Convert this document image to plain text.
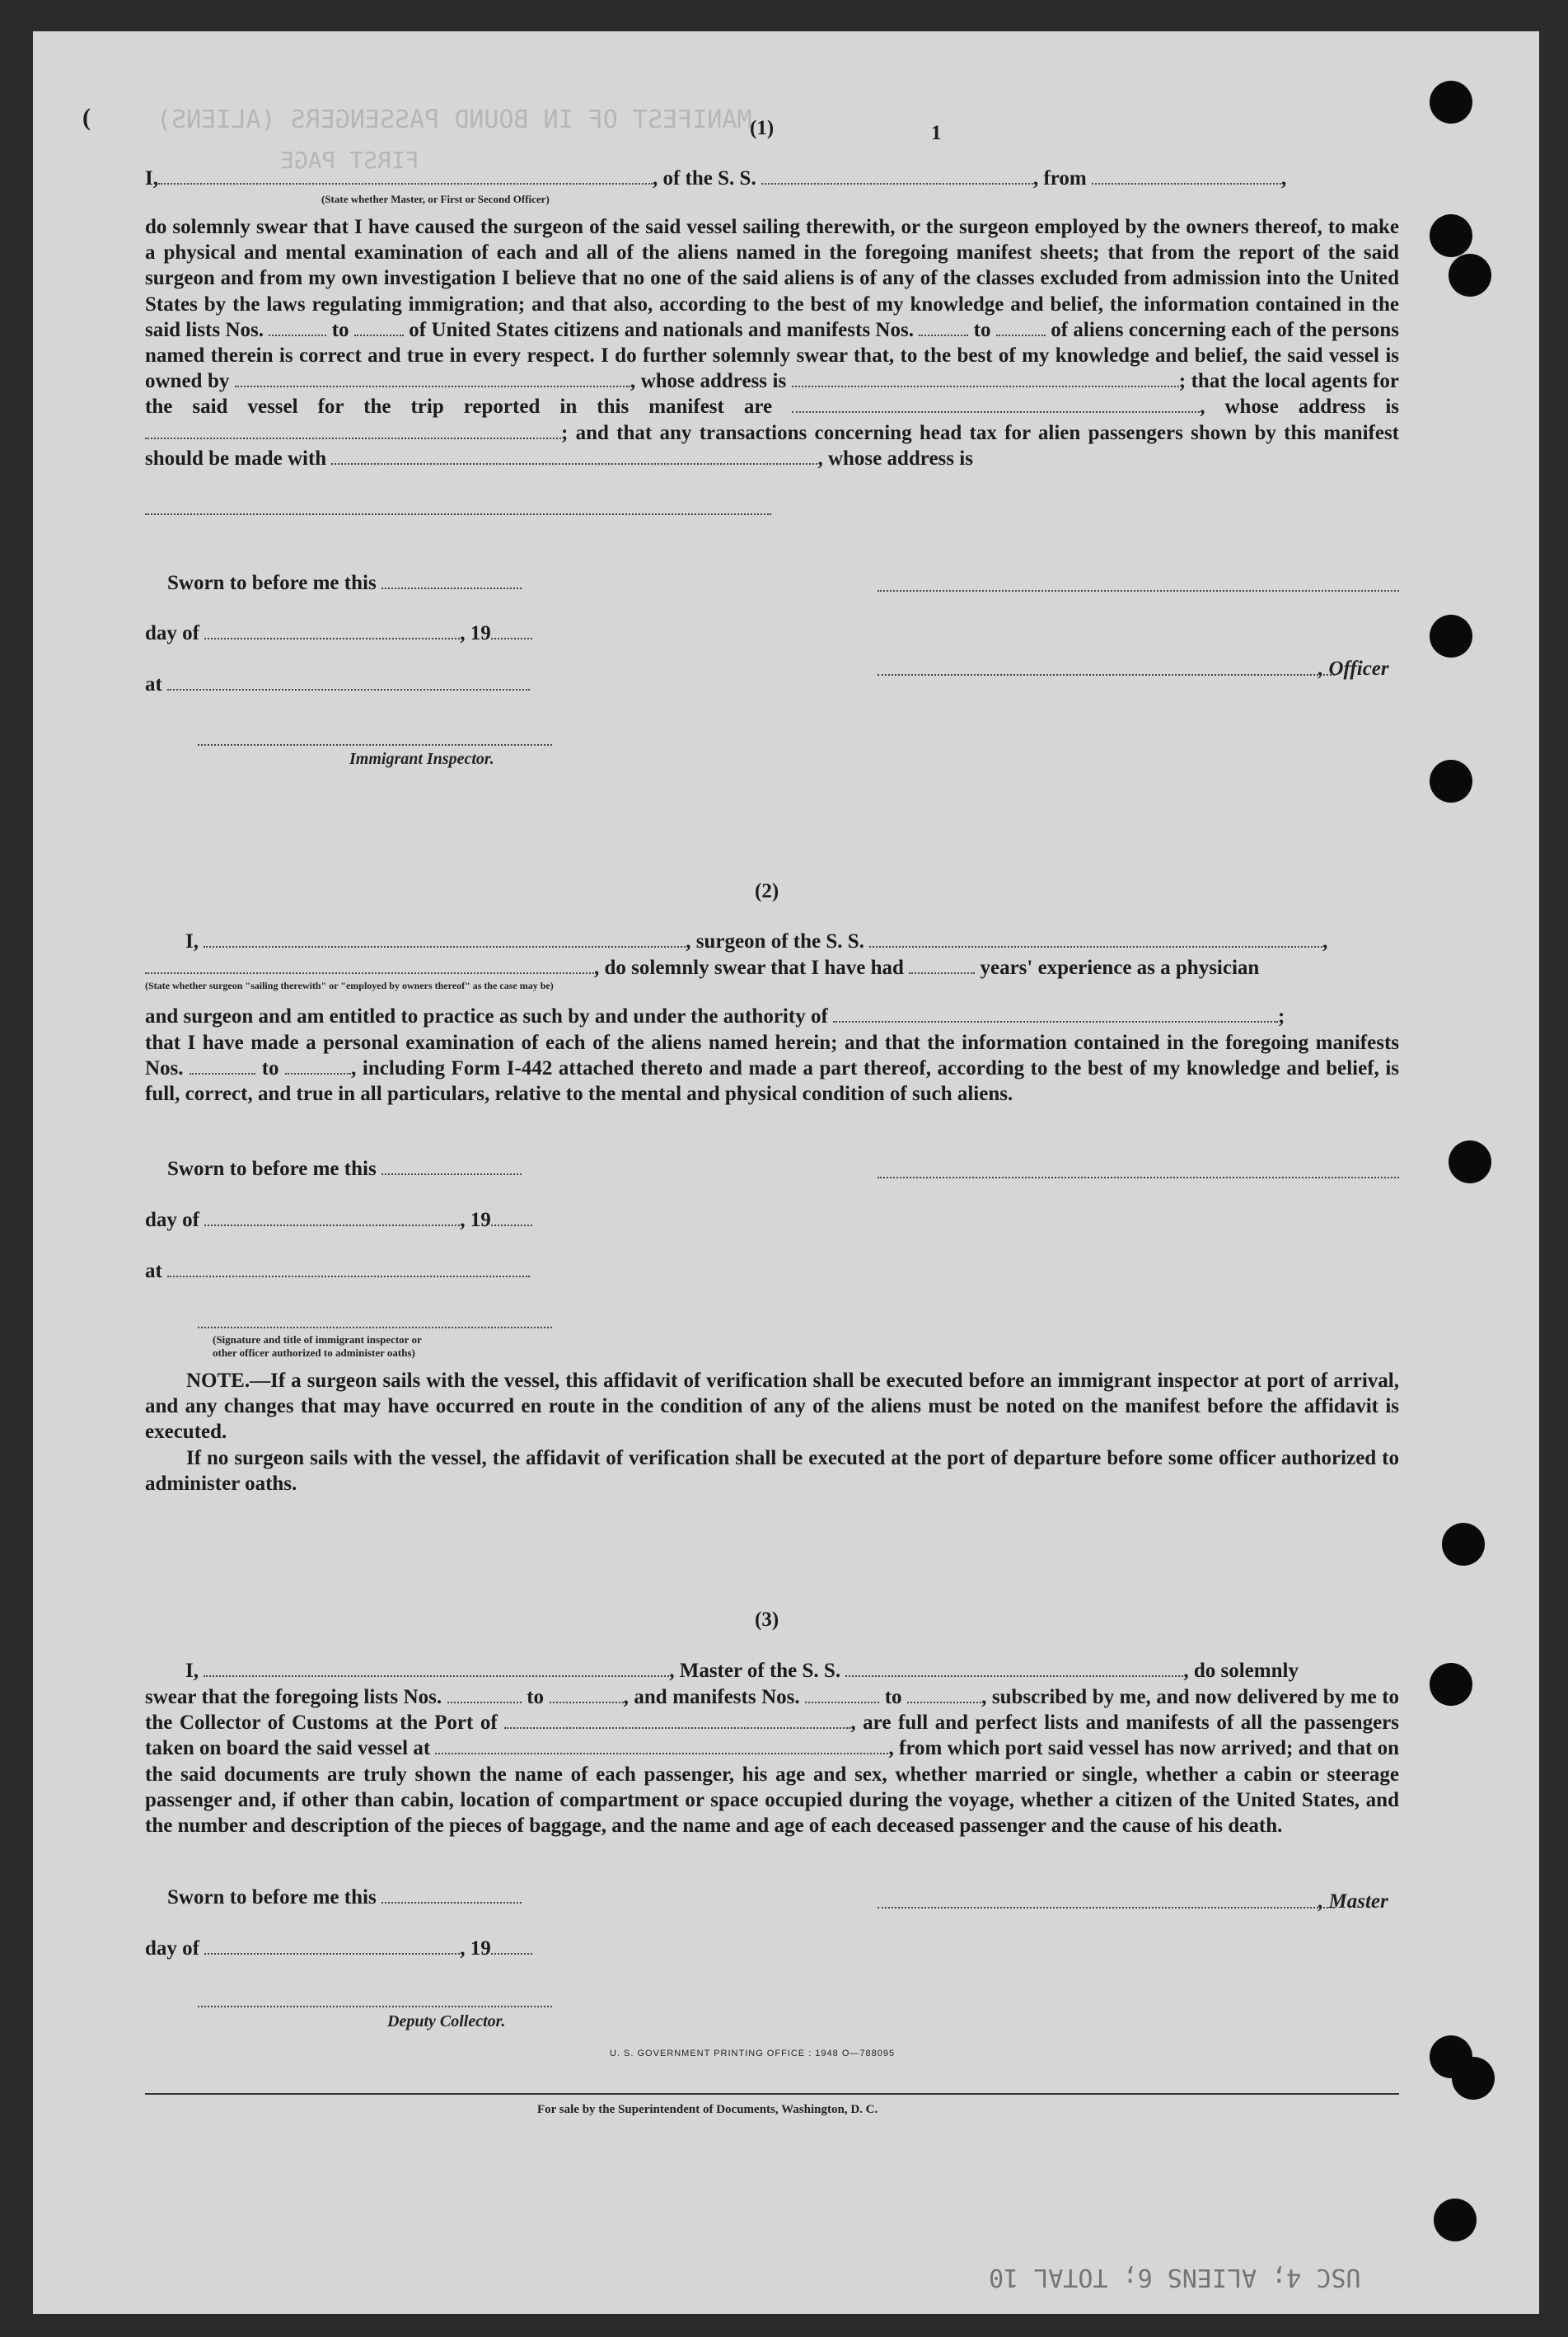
MANIFEST OF IN BOUND PASSENGERS (ALIENS)
FIRST PAGE
USC 4; ALIENS 6; TOTAL 10
(
1
(1)
I,	, of the S. S.	, from	,
(State whether Master, or First or Second Officer)
do solemnly swear that I have caused the surgeon of the said vessel sailing therewith, or the surgeon employed by the owners thereof, to make a physical and mental examination of each and all of the aliens named in the foregoing manifest sheets; that from the report of the said surgeon and from my own investigation I believe that no one of the said aliens is of any of the classes excluded from admission into the United States by the laws regulating immigration; and that also, according to the best of my knowledge and belief, the information contained in the said lists Nos.	to	of United States citizens and nationals and manifests Nos.	to	of aliens concerning each of the persons named therein is correct and true in every respect. I do further solemnly swear that, to the best of my knowledge and belief, the said vessel is owned by	, whose address is	; that the local agents for the said vessel for the trip reported in this manifest are	, whose address is ; and that any transactions concerning head tax for alien passengers shown by this manifest should be made with	, whose address is
Sworn to before me this
day of	, 19
at
, Officer
Immigrant Inspector.
(2)
I,	, surgeon of the S. S.	,
, do solemnly swear that I have had	years' experience as a physician
(State whether surgeon "sailing therewith" or "employed by owners thereof" as the case may be)
and surgeon and am entitled to practice as such by and under the authority of	;
that I have made a personal examination of each of the aliens named herein; and that the information contained in the foregoing manifests Nos.	to	, including Form I-442 attached thereto and made a part thereof, according to the best of my knowledge and belief, is full, correct, and true in all particulars, relative to the mental and physical condition of such aliens.
Sworn to before me this
day of	, 19
at
(Signature and title of immigrant inspector or
other officer authorized to administer oaths)
NOTE.—If a surgeon sails with the vessel, this affidavit of verification shall be executed before an immigrant inspector at port of arrival, and any changes that may have occurred en route in the condition of any of the aliens must be noted on the manifest before the affidavit is executed.
If no surgeon sails with the vessel, the affidavit of verification shall be executed at the port of departure before some officer authorized to administer oaths.
(3)
I,	, Master of the S. S.	, do solemnly
swear that the foregoing lists Nos.	to	, and manifests Nos.	to	, subscribed by me, and now delivered by me to the Collector of Customs at the Port of	, are full and perfect lists and manifests of all the passengers taken on board the said vessel at	, from which port said vessel has now arrived; and that on the said documents are truly shown the name of each passenger, his age and sex, whether married or single, whether a cabin or steerage passenger and, if other than cabin, location of compartment or space occupied during the voyage, whether a citizen of the United States, and the number and description of the pieces of baggage, and the name and age of each deceased passenger and the cause of his death.
Sworn to before me this	, Master
day of	, 19
Deputy Collector.
U. S. GOVERNMENT PRINTING OFFICE : 1948 O—788095
For sale by the Superintendent of Documents, Washington, D. C.
